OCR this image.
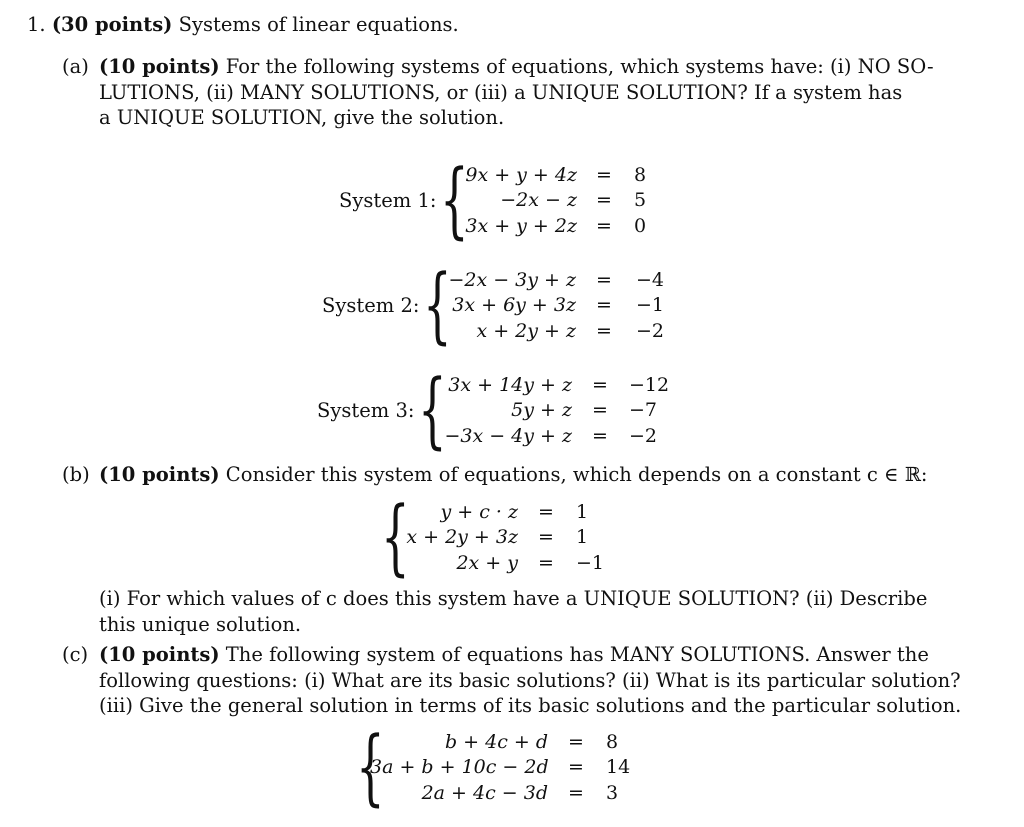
1. (30 points) Systems of linear equations.
(a) (10 points) For the following systems of equations, which systems have: (i) NO SO-
LUTIONS, (ii) MANY SOLUTIONS, or (iii) a UNIQUE SOLUTION? If a system has
a UNIQUE SOLUTION, give the solution.
System 1: {
9x + y + 4z = 8
−2x − z = 5
3x + y + 2z = 0
System 2: {
−2x − 3y + z = −4
3x + 6y + 3z = −1
x + 2y + z = −2
System 3: { 3x + 14y + z = −12
5y + z = −7
−3x − 4y + z = −2
(b) (10 points) Consider this system of equations, which depends on a constant c ∈ ℝ:
{	y + c · z = 1
x + 2y + 3z = 1
2x + y = −1
(i) For which values of c does this system have a UNIQUE SOLUTION? (ii) Describe
this unique solution.
(c) (10 points) The following system of equations has MANY SOLUTIONS. Answer the
following questions: (i) What are its basic solutions? (ii) What is its particular solution?
(iii) Give the general solution in terms of its basic solutions and the particular solution.
{	b + 4c + d = 8
3a + b + 10c − 2d = 14
2a + 4c − 3d = 3
